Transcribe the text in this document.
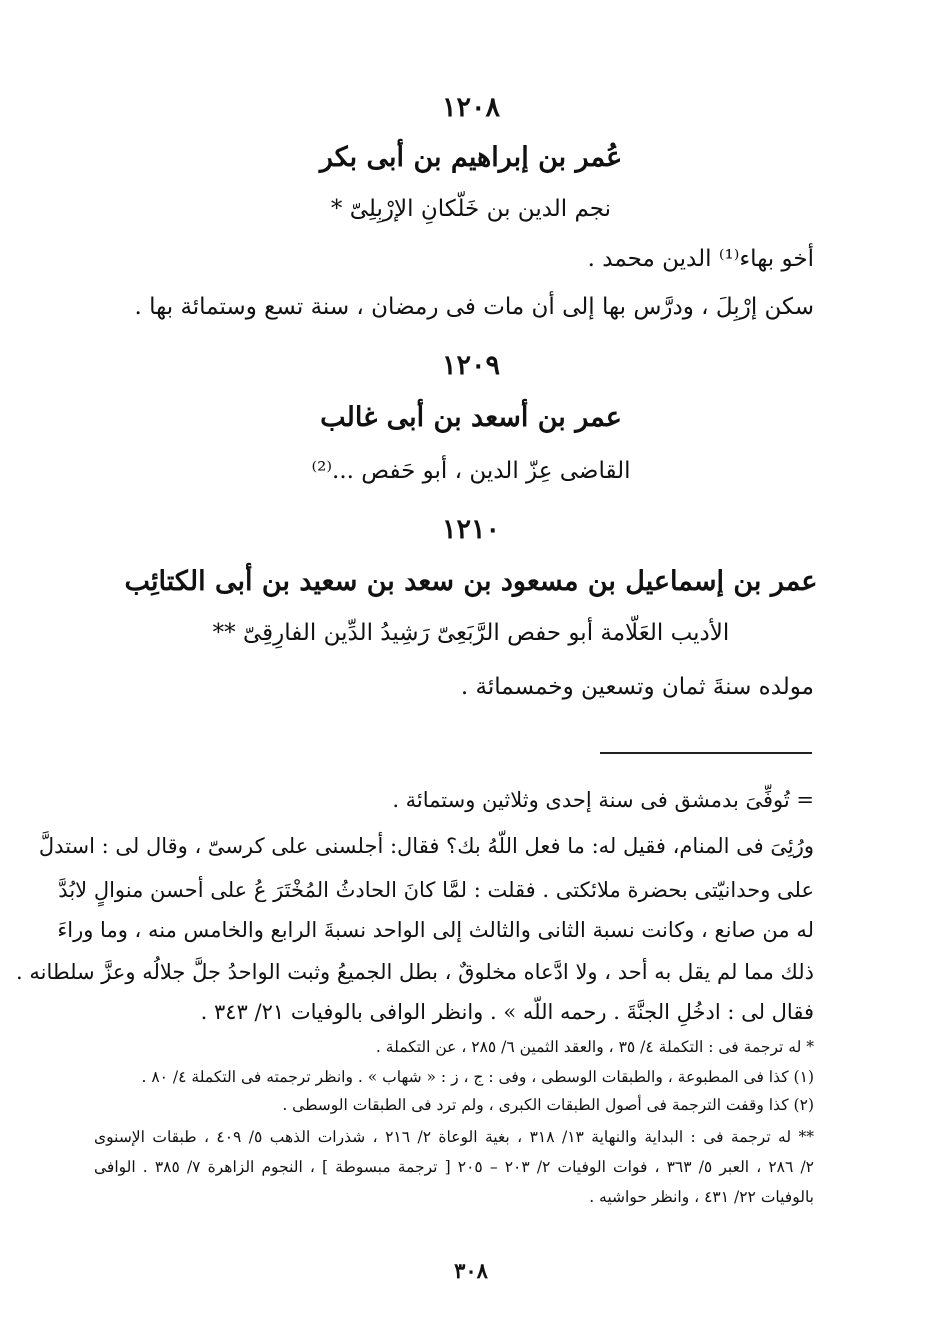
١٢٠٨
عُمر بن إبراهيم بن أبى بكر
نجم الدين بن خَلّكانِ الإرْبِلِىّ *
أخو بهاء⁽¹⁾ الدين محمد .
سكن إرْبِلَ ، ودرَّس بها إلى أن مات فى رمضان ، سنة تسع وستمائة بها .
١٢٠٩
عمر بن أسعد بن أبى غالب
القاضى عِزّ الدين ، أبو حَفص ...⁽²⁾
١٢١٠
عمر بن إسماعيل بن مسعود بن سعد بن سعيد بن أبى الكتائِب
الأديب العَلّامة أبو حفص الرَّبَعِىّ رَشِيدُ الدِّين الفارِقِىّ **
مولده سنةَ ثمان وتسعين وخمسمائة .
= تُوفِّىَ بدمشق فى سنة إحدى وثلاثين وستمائة .
ورُئِىَ فى المنام، فقيل له: ما فعل اللّهُ بك؟ فقال: أجلسنى على كرسىّ ، وقال لى : استدلَّ
على وحدانيّتى بحضرة ملائكتى . فقلت : لمَّا كانَ الحادثُ المُخْتَرَ عُ على أحسن منوالٍ لابُدَّ
له من صانع ، وكانت نسبة الثانى والثالث إلى الواحد نسبةَ الرابع والخامس منه ، وما وراءَ
ذلك مما لم يقل به أحد ، ولا ادَّعاه مخلوقٌ ، بطل الجميعُ وثبت الواحدُ جلَّ جلالُه وعزَّ سلطانه .
فقال لى : ادخُلِ الجنَّةَ . رحمه اللّه » . وانظر الوافى بالوفيات ٢١/ ٣٤٣ .
* له ترجمة فى : التكملة ٤/ ٣٥ ، والعقد الثمين ٦/ ٢٨٥ ، عن التكملة .
(١) كذا فى المطبوعة ، والطبقات الوسطى ، وفى : ج ، ز : « شهاب » . وانظر ترجمته فى التكملة ٤/ ٨٠ .
(٢) كذا وقفت الترجمة فى أصول الطبقات الكبرى ، ولم ترد فى الطبقات الوسطى .
** له ترجمة فى : البداية والنهاية ١٣/ ٣١٨ ، بغية الوعاة ٢/ ٢١٦ ، شذرات الذهب ٥/ ٤٠٩ ، طبقات الإسنوى
٢/ ٢٨٦ ، العبر ٥/ ٣٦٣ ، فوات الوفيات ٢/ ٢٠٣ – ٢٠٥ [ ترجمة مبسوطة ] ، النجوم الزاهرة ٧/ ٣٨٥ . الوافى
بالوفيات ٢٢/ ٤٣١ ، وانظر حواشيه .
٣٠٨
